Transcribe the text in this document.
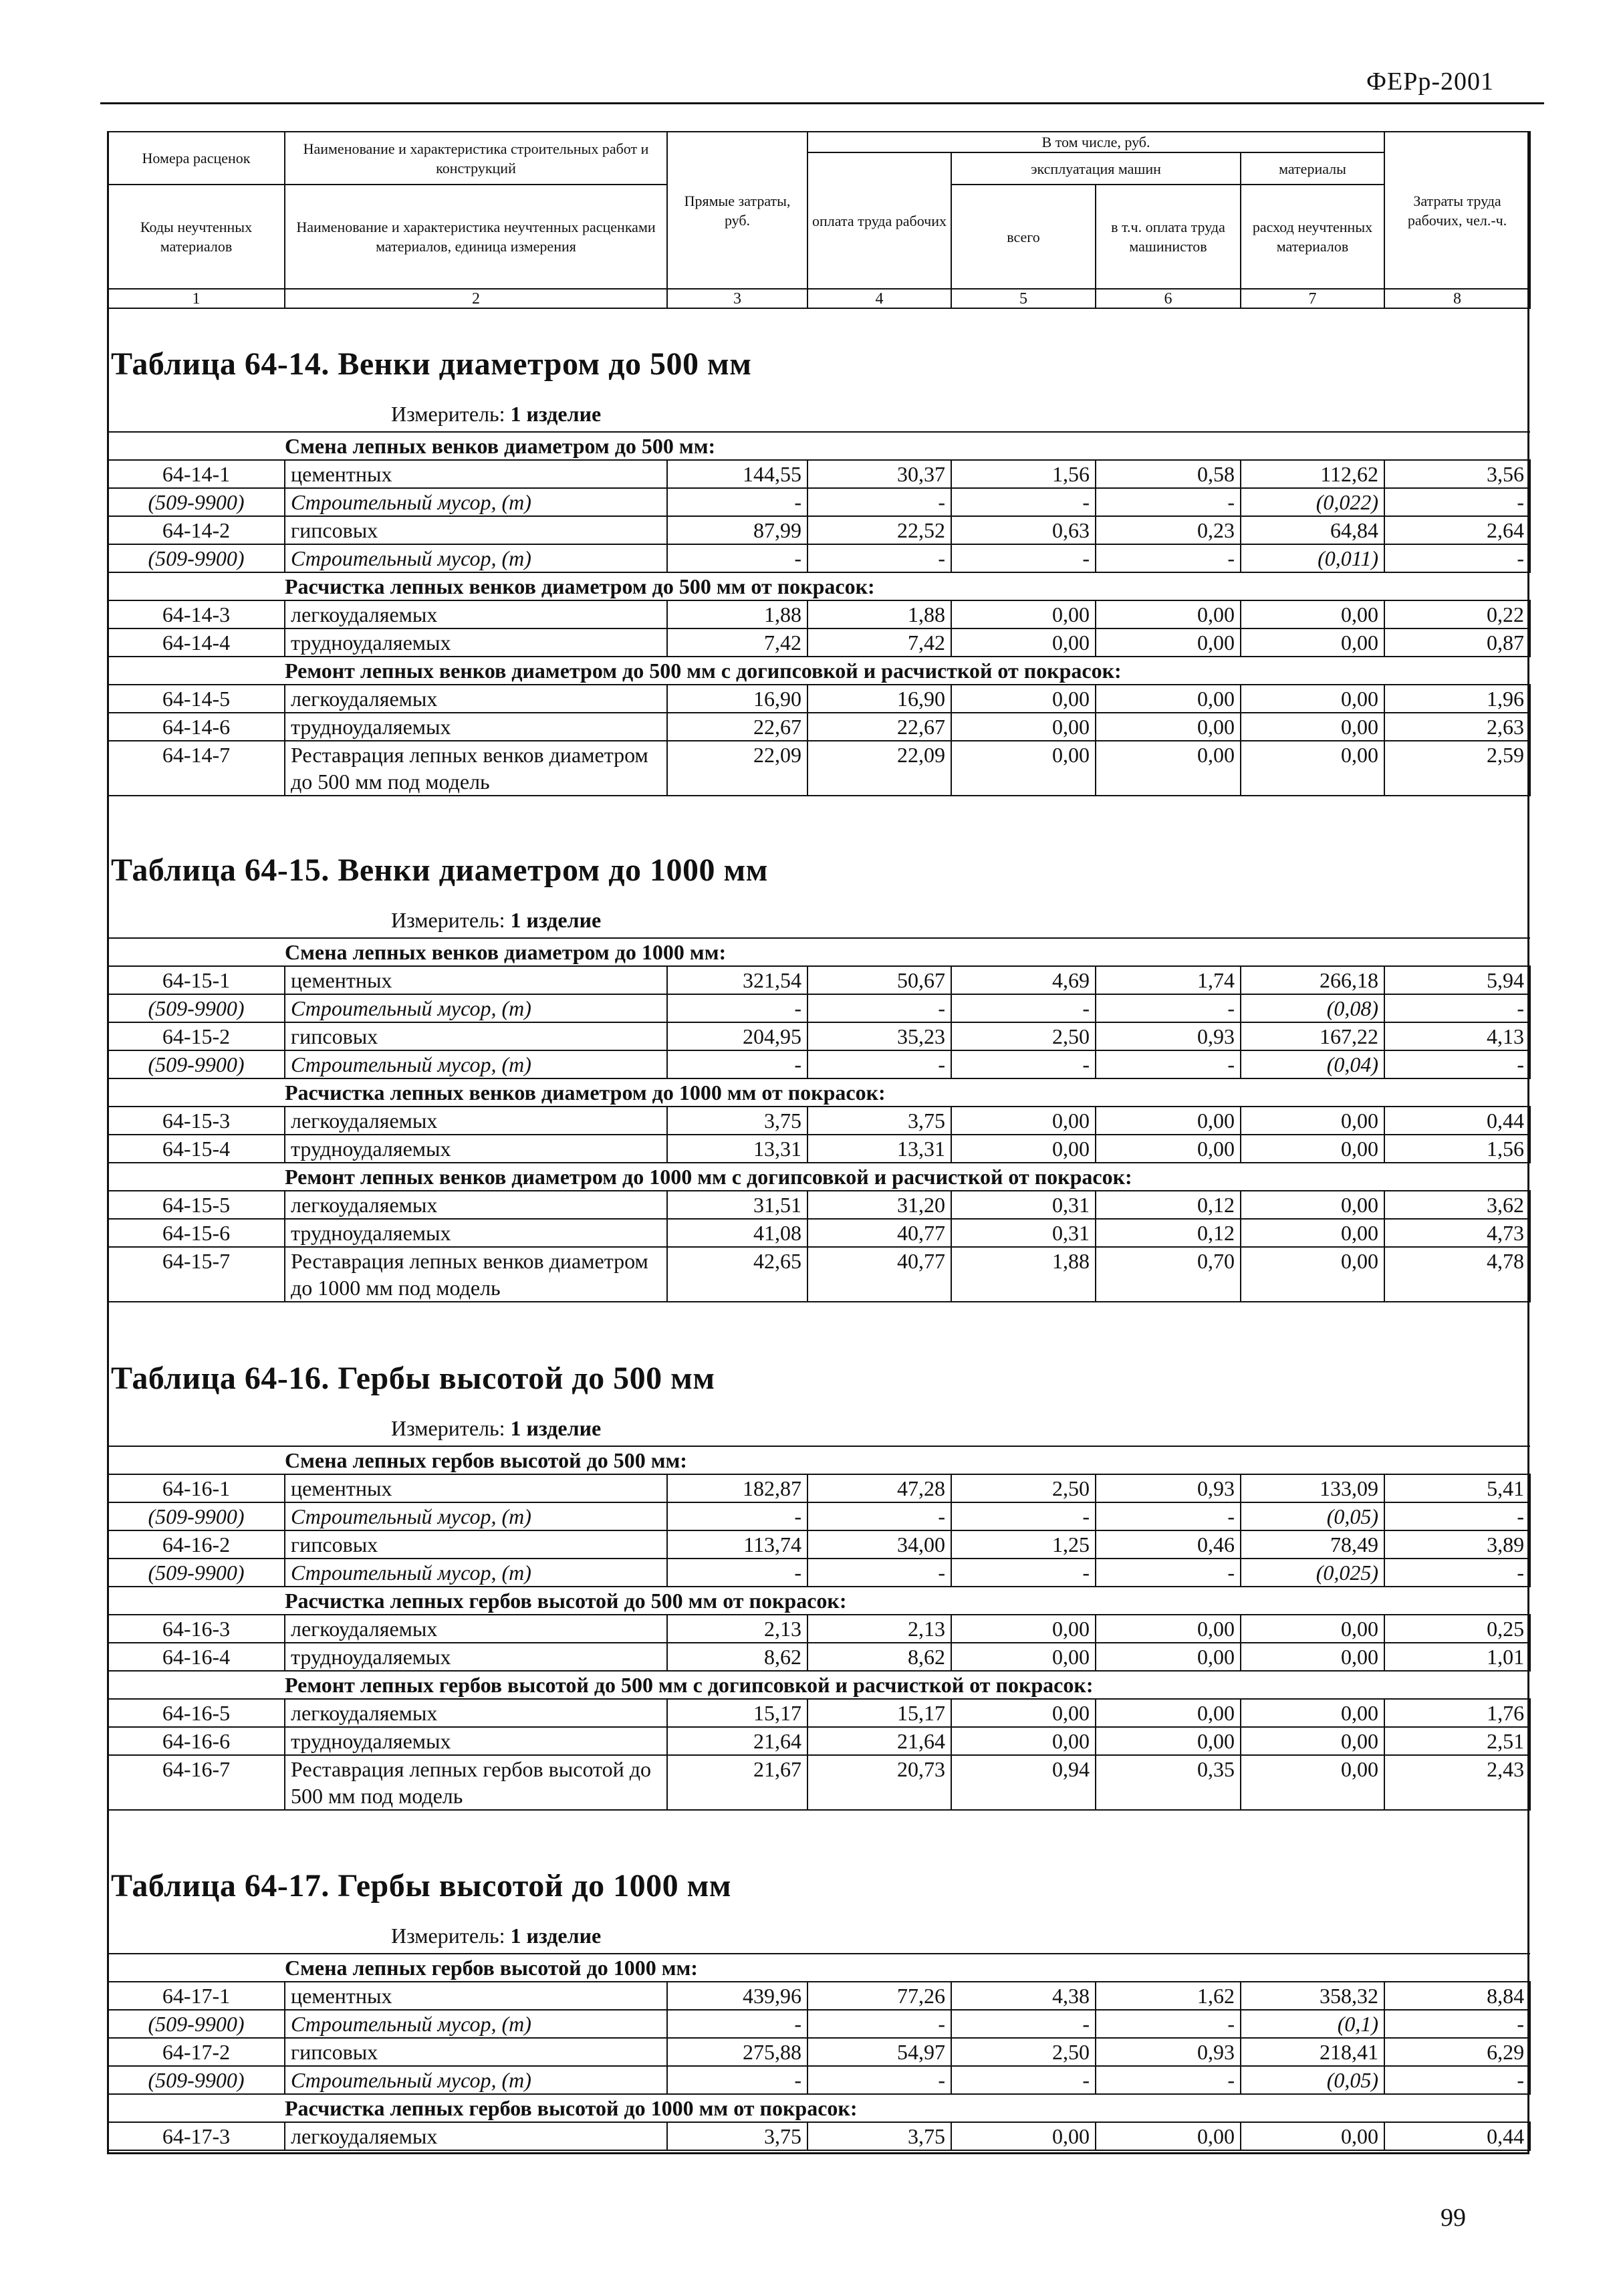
ФЕРр-2001
Номера расценок	Наименование и характеристика строительных работ и конструкций	Прямые затраты, руб.	В том числе, руб.				Затраты труда рабочих, чел.-ч.
			оплата труда рабочих	эксплуатация машин		материалы	
Коды неучтенных материалов	Наименование и характеристика неучтенных расценками материалов, единица измерения			всего	в т.ч. оплата труда машинистов	расход неучтенных материалов	

1	2	3	4	5	6	7	8
Таблица 64-14. Венки диаметром до 500 мм
Измеритель: 1 изделие
Смена лепных венков диаметром до 500 мм:							
64-14-1	цементных	144,55	30,37	1,56	0,58	112,62	3,56
(509-9900)	Строительный мусор, (т)	-	-	-	-	(0,022)	-
64-14-2	гипсовых	87,99	22,52	0,63	0,23	64,84	2,64
(509-9900)	Строительный мусор, (т)	-	-	-	-	(0,011)	-
Расчистка лепных венков диаметром до 500 мм от покрасок:							
64-14-3	легкоудаляемых	1,88	1,88	0,00	0,00	0,00	0,22
64-14-4	трудноудаляемых	7,42	7,42	0,00	0,00	0,00	0,87
Ремонт лепных венков диаметром до 500 мм с догипсовкой и расчисткой от покрасок:							
64-14-5	легкоудаляемых	16,90	16,90	0,00	0,00	0,00	1,96
64-14-6	трудноудаляемых	22,67	22,67	0,00	0,00	0,00	2,63
64-14-7	Реставрация лепных венков диаметром до 500 мм под модель	22,09	22,09	0,00	0,00	0,00	2,59
Таблица 64-15. Венки диаметром до 1000 мм
Измеритель: 1 изделие
Смена лепных венков диаметром до 1000 мм:							
64-15-1	цементных	321,54	50,67	4,69	1,74	266,18	5,94
(509-9900)	Строительный мусор, (т)	-	-	-	-	(0,08)	-
64-15-2	гипсовых	204,95	35,23	2,50	0,93	167,22	4,13
(509-9900)	Строительный мусор, (т)	-	-	-	-	(0,04)	-
Расчистка лепных венков диаметром до 1000 мм от покрасок:							
64-15-3	легкоудаляемых	3,75	3,75	0,00	0,00	0,00	0,44
64-15-4	трудноудаляемых	13,31	13,31	0,00	0,00	0,00	1,56
Ремонт лепных венков диаметром до 1000 мм с догипсовкой и расчисткой от покрасок:							
64-15-5	легкоудаляемых	31,51	31,20	0,31	0,12	0,00	3,62
64-15-6	трудноудаляемых	41,08	40,77	0,31	0,12	0,00	4,73
64-15-7	Реставрация лепных венков диаметром до 1000 мм под модель	42,65	40,77	1,88	0,70	0,00	4,78
Таблица 64-16. Гербы высотой до 500 мм
Измеритель: 1 изделие
Смена лепных гербов высотой до 500 мм:							
64-16-1	цементных	182,87	47,28	2,50	0,93	133,09	5,41
(509-9900)	Строительный мусор, (т)	-	-	-	-	(0,05)	-
64-16-2	гипсовых	113,74	34,00	1,25	0,46	78,49	3,89
(509-9900)	Строительный мусор, (т)	-	-	-	-	(0,025)	-
Расчистка лепных гербов высотой до 500 мм от покрасок:							
64-16-3	легкоудаляемых	2,13	2,13	0,00	0,00	0,00	0,25
64-16-4	трудноудаляемых	8,62	8,62	0,00	0,00	0,00	1,01
Ремонт лепных гербов высотой до 500 мм с догипсовкой и расчисткой от покрасок:							
64-16-5	легкоудаляемых	15,17	15,17	0,00	0,00	0,00	1,76
64-16-6	трудноудаляемых	21,64	21,64	0,00	0,00	0,00	2,51
64-16-7	Реставрация лепных гербов высотой до 500 мм под модель	21,67	20,73	0,94	0,35	0,00	2,43
Таблица 64-17. Гербы высотой до 1000 мм
Измеритель: 1 изделие
Смена лепных гербов высотой до 1000 мм:							
64-17-1	цементных	439,96	77,26	4,38	1,62	358,32	8,84
(509-9900)	Строительный мусор, (т)	-	-	-	-	(0,1)	-
64-17-2	гипсовых	275,88	54,97	2,50	0,93	218,41	6,29
(509-9900)	Строительный мусор, (т)	-	-	-	-	(0,05)	-
Расчистка лепных гербов высотой до 1000 мм от покрасок:							
64-17-3	легкоудаляемых	3,75	3,75	0,00	0,00	0,00	0,44
99
